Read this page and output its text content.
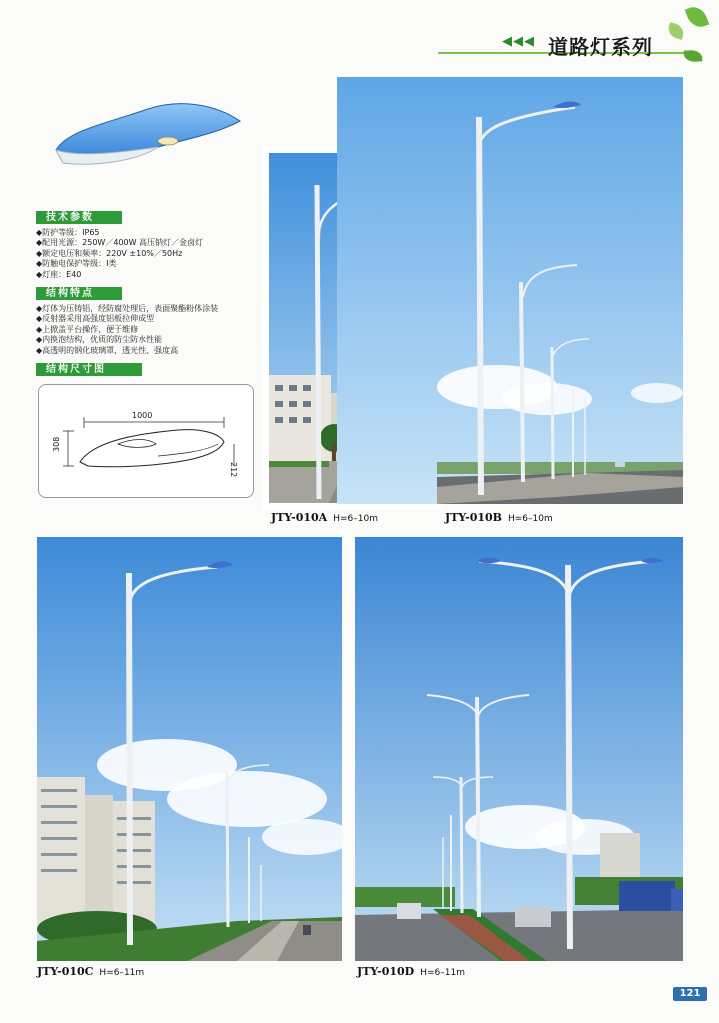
◀◀◀ 道路灯系列
技术参数
◆防护等级：IP65
◆配用光源：250W／400W 高压钠灯／金卤灯
◆额定电压和频率：220V ±10%／50Hz
◆防触电保护等级：Ⅰ类
◆灯座：E40
结构特点
◆灯体为压铸铝，经防腐处理后，表面聚酯粉体涂装
◆反射器采用高强度铝板拉伸成型
◆上掀盖平台操作，便于维修
◆内换泡结构，优质的防尘防水性能
◆高透明的钢化玻璃罩，透光性、强度高
结构尺寸图
1000
308
212
JTY-010A H=6–10m	JTY-010B H=6–10m
JTY-010C H=6–11m	JTY-010D H=6–11m
121
